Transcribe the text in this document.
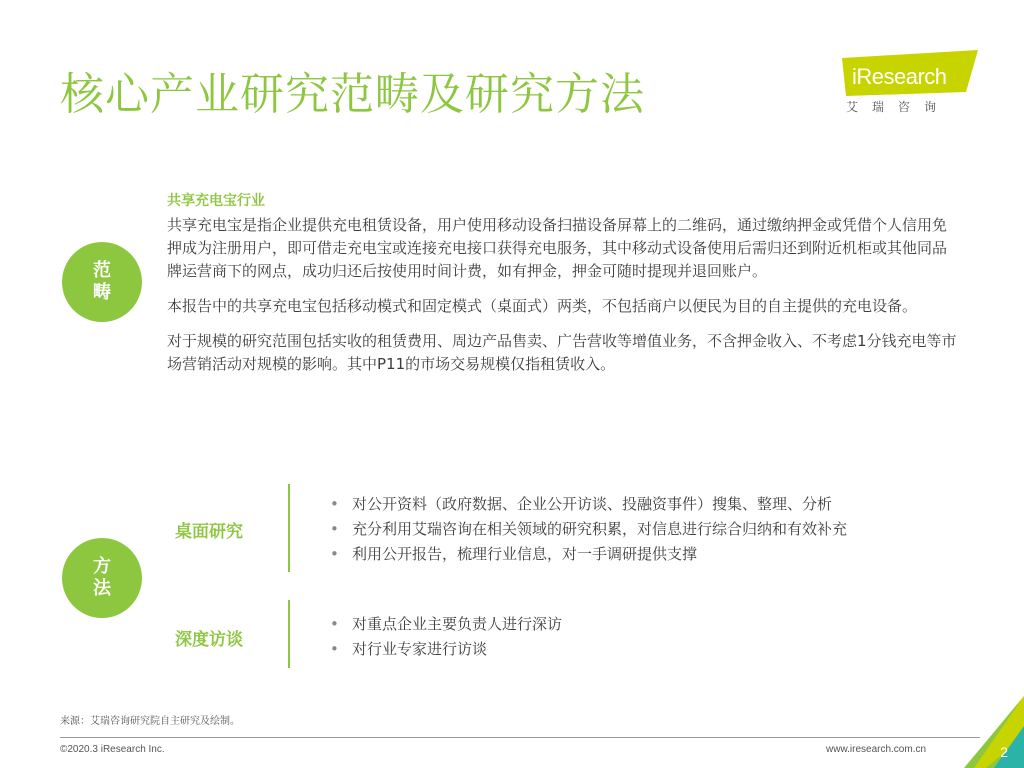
核心产业研究范畴及研究方法	iResearch
艾瑞咨询
范
畴
共享充电宝行业

共享充电宝是指企业提供充电租赁设备，用户使用移动设备扫描设备屏幕上的二维码，通过缴纳押金或凭借个人信用免押成为注册用户，即可借走充电宝或连接充电接口获得充电服务，其中移动式设备使用后需归还到附近机柜或其他同品牌运营商下的网点，成功归还后按使用时间计费，如有押金，押金可随时提现并退回账户。

本报告中的共享充电宝包括移动模式和固定模式（桌面式）两类，不包括商户以便民为目的自主提供的充电设备。

对于规模的研究范围包括实收的租赁费用、周边产品售卖、广告营收等增值业务，不含押金收入、不考虑1分钱充电等市场营销活动对规模的影响。其中P11的市场交易规模仅指租赁收入。

方
法
桌面研究
• 对公开资料（政府数据、企业公开访谈、投融资事件）搜集、整理、分析
• 充分利用艾瑞咨询在相关领域的研究积累，对信息进行综合归纳和有效补充
• 利用公开报告，梳理行业信息，对一手调研提供支撑
深度访谈
• 对重点企业主要负责人进行深访
• 对行业专家进行访谈
来源：艾瑞咨询研究院自主研究及绘制。
©2020.3 iResearch Inc.	www.iresearch.com.cn	2
